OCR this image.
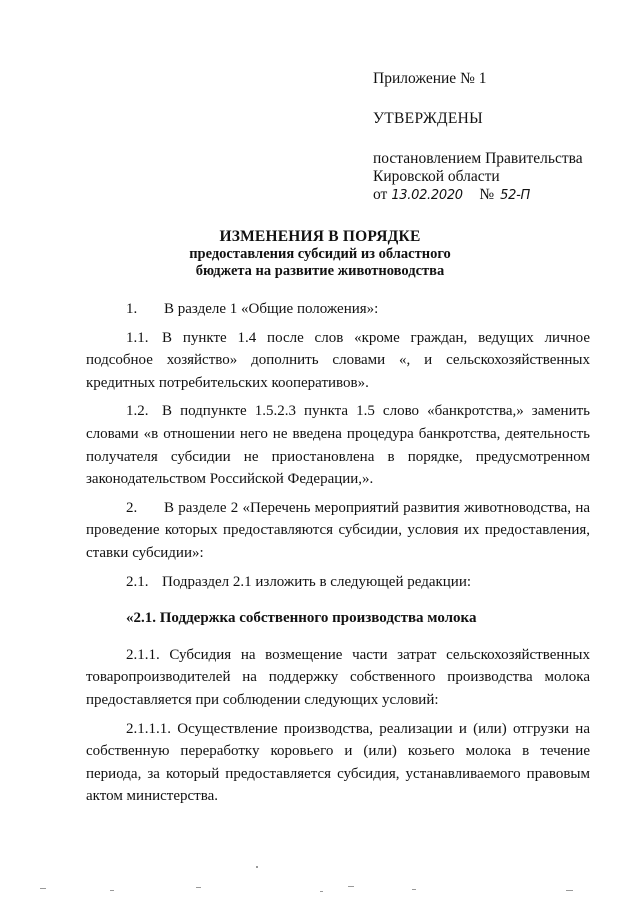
Приложение № 1

УТВЕРЖДЕНЫ

постановлением Правительства

Кировской области

от 13.02.2020	№ 52-П

ИЗМЕНЕНИЯ В ПОРЯДКЕ
предоставления субсидий из областного
бюджета на развитие животноводства

1. В разделе 1 «Общие положения»:

1.1. В пункте 1.4 после слов «кроме граждан, ведущих личное подсобное хозяйство» дополнить словами «, и сельскохозяйственных кредитных потребительских кооперативов».

1.2. В подпункте 1.5.2.3 пункта 1.5 слово «банкротства,» заменить словами «в отношении него не введена процедура банкротства, деятельность получателя субсидии не приостановлена в порядке, предусмотренном законодательством Российской Федерации,».

2. В разделе 2 «Перечень мероприятий развития животноводства, на проведение которых предоставляются субсидии, условия их предоставления, ставки субсидии»:

2.1. Подраздел 2.1 изложить в следующей редакции:

«2.1. Поддержка собственного производства молока

2.1.1. Субсидия на возмещение части затрат сельскохозяйственных товаропроизводителей на поддержку собственного производства молока предоставляется при соблюдении следующих условий:

2.1.1.1. Осуществление производства, реализации и (или) отгрузки на собственную переработку коровьего и (или) козьего молока в течение периода, за который предоставляется субсидия, устанавливаемого правовым актом министерства.
